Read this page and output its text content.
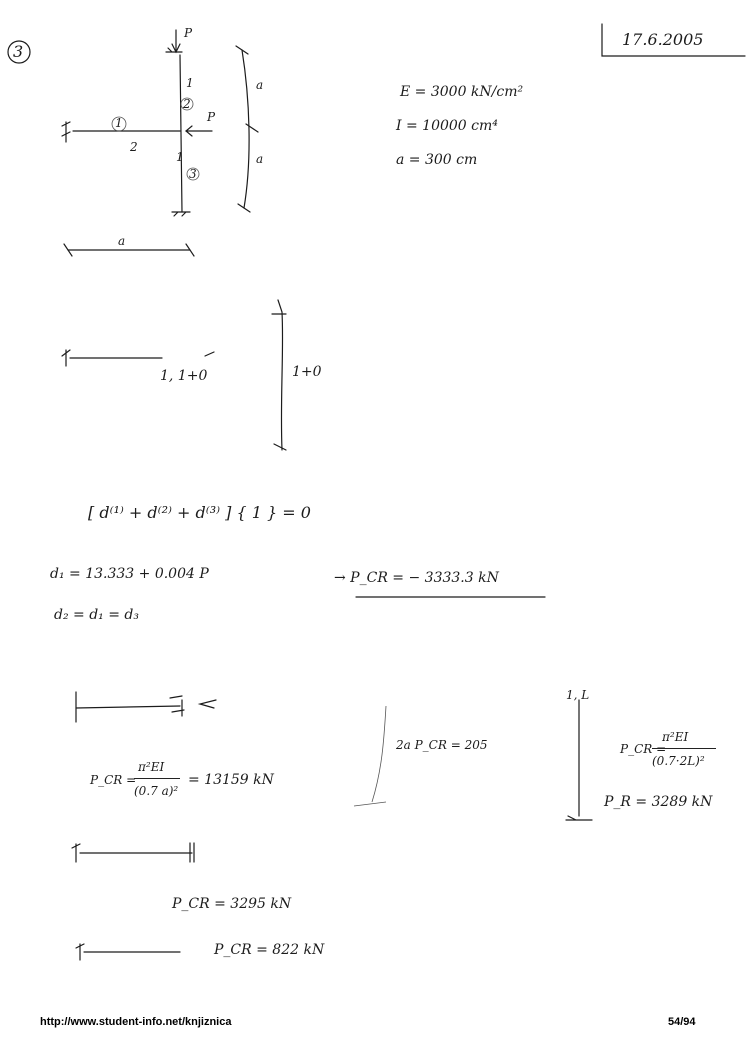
3
17.6.2005
P
P
1
2
1
2
3
1
a
a
a
E = 3000 kN/cm²
I = 10000 cm⁴
a = 300 cm
1, 1+0	1+0
[ d⁽¹⁾ + d⁽²⁾ + d⁽³⁾ ] { 1 } = 0
d₁ = 13.333 + 0.004 P	→ P_CR = − 3333.3 kN
d₂ = d₁ = d₃
P_CR =
π²EI
(0.7 a)²
= 13159 kN
2a P_CR = 205
1, L
P_CR =
π²EI
(0.7·2L)²
P_R = 3289 kN
P_CR = 3295 kN
P_CR = 822 kN
http://www.student-info.net/knjiznica	54/94
